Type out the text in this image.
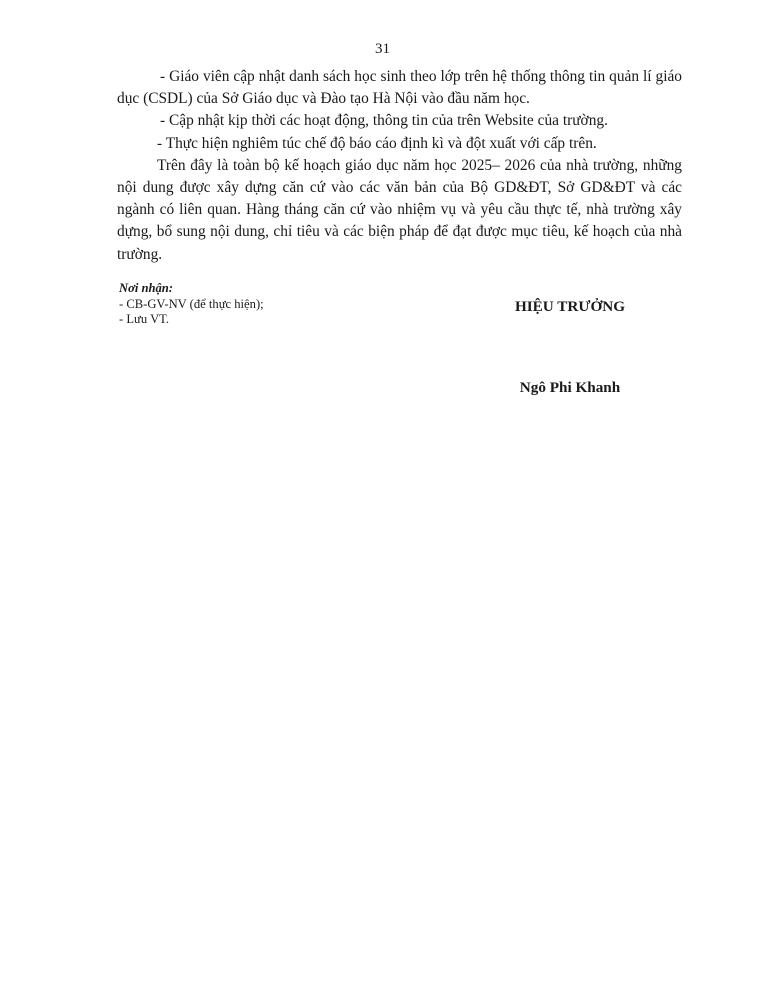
31

- Giáo viên cập nhật danh sách học sinh theo lớp trên hệ thống thông tin quản lí giáo dục (CSDL) của Sở Giáo dục và Đào tạo Hà Nội vào đầu năm học.

- Cập nhật kịp thời các hoạt động, thông tin của trên Website của trường.

- Thực hiện nghiêm túc chế độ báo cáo định kì và đột xuất với cấp trên.

Trên đây là toàn bộ kế hoạch giáo dục năm học 2025– 2026 của nhà trường, những nội dung được xây dựng căn cứ vào các văn bản của Bộ GD&ĐT, Sở GD&ĐT và các ngành có liên quan. Hàng tháng căn cứ vào nhiệm vụ và yêu cầu thực tế, nhà trường xây dựng, bổ sung nội dung, chỉ tiêu và các biện pháp để đạt được mục tiêu, kế hoạch của nhà trường.

Nơi nhận:
- CB-GV-NV (để thực hiện);
- Lưu VT.
HIỆU TRƯỞNG
Ngô Phi Khanh
